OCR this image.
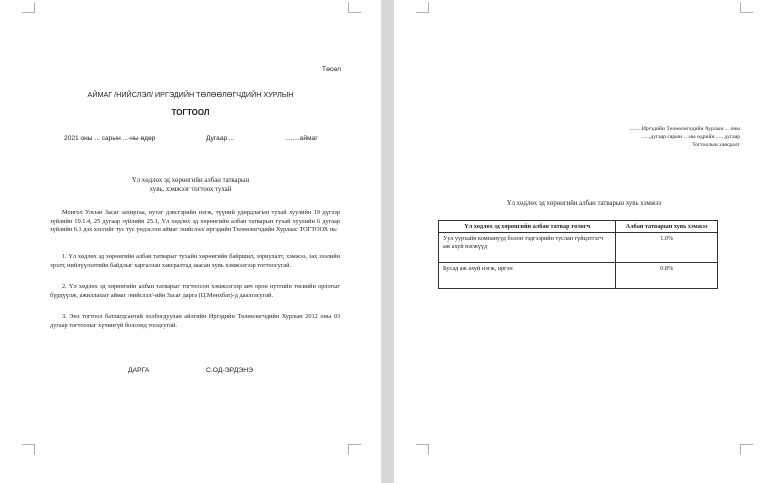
Төсөл
АЙМАГ /НИЙСЛЭЛ/ ИРГЭДИЙН ТӨЛӨӨЛӨГЧДИЙН ХУРЛЫН
ТОГТООЛ
2021 оны ... сарын ...-ны өдөр	Дугаар ...	........аймаг
Үл хөдлөх эд хөрөнгийн албан татварын
хувь, хэмжээг тогтоох тухай
Монгол Улсын Засаг захиргаа, нутаг дэвсгэрийн нэгж, түүний удирдлагын тухай хуулийн 19 дүгээр зүйлийн 19.1.4, 25 дугаар зүйлийн 25.1, Үл хөдлөх эд хөрөнгийн албан татварын тухай хуулийн 6 дугаар зүйлийн 6.1 дэх хэсгийг тус тус үндэслэн аймаг /нийслэл/ иргэдийн Төлөөлөгчдийн Хурлаас ТОГТООХ нь:
1. Үл хөдлөх эд хөрөнгийн албан татварыг тухайн хөрөнгийн байршил, зориулалт, хэмжээ, зах зээлийн эрэлт, нийлүүлэлтийн байдлыг харгалзан хавсралтад заасан хувь хэмжээгээр тогтоосугай.
2. Үл хөдлөх эд хөрөнгийн албан татварыг тогтоосон хэмжээгээр авч орон нутгийн төсвийн орлогыг бүрдүүлж, ажиллахыг аймаг /нийслэл/-ийн Засаг дарга (Ц.Мөнхбат)-д даалгасугай.
3. Энэ тогтоол батлагдсантай холбогдуулан айлгийн Иргэдийн Төлөөлөгчдийн Хурлын 2012 оны 03 дугаар тогтоолыг хүчингүй болсонд тооцсугай.
ДАРГА	С.ОД-ЭРДЭНЭ
.........Иргэдийн Төлөөлөгчдийн Хурлын ... оны
......дугаар сарын ....ны өдрийн ..... дугаар
Тогтоолын хавсралт
Үл хөдлөх эд хөрөнгийн албан татварын хувь хэмжээ
Үл хөдлөх эд хөрөнгийн албан татвар төлөгч	Албан татварын хувь хэмжээ
Уул уурхайн компанууд болон тэдгээрийн туслан гүйцэтгэгч аж ахуй нэгжүүд	1.0%
Бусад аж ахуй нэгж, иргэн	0.8%
